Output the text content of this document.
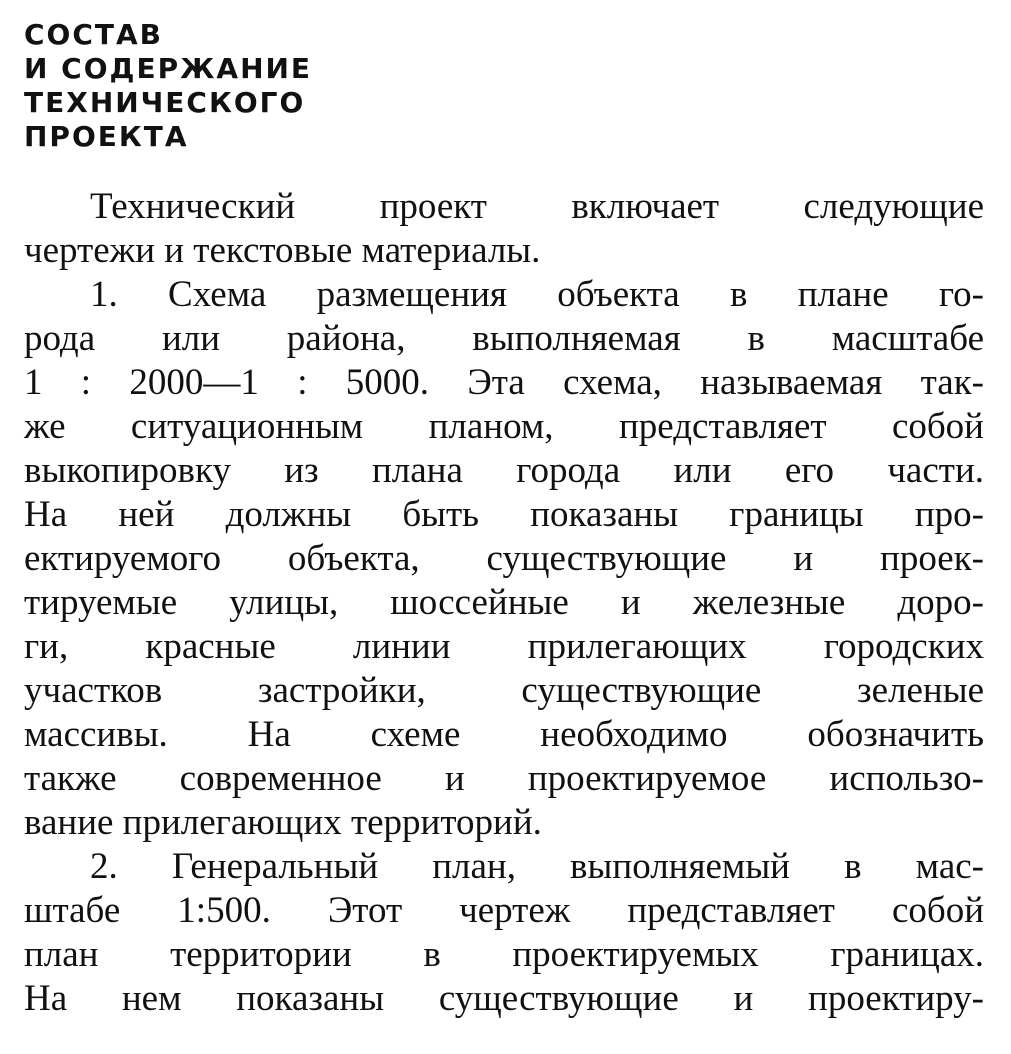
СОСТАВ
И СОДЕРЖАНИЕ
ТЕХНИЧЕСКОГО
ПРОЕКТА
Технический проект включает следующие
чертежи и текстовые материалы.
1. Схема размещения объекта в плане го-
рода или района, выполняемая в масштабе
1 : 2000—1 : 5000. Эта схема, называемая так-
же ситуационным планом, представляет собой
выкопировку из плана города или его части.
На ней должны быть показаны границы про-
ектируемого объекта, существующие и проек-
тируемые улицы, шоссейные и железные доро-
ги, красные линии прилегающих городских
участков застройки, существующие зеленые
массивы. На схеме необходимо обозначить
также современное и проектируемое использо-
вание прилегающих территорий.
2. Генеральный план, выполняемый в мас-
штабе 1:500. Этот чертеж представляет собой
план территории в проектируемых границах.
На нем показаны существующие и проектиру-
